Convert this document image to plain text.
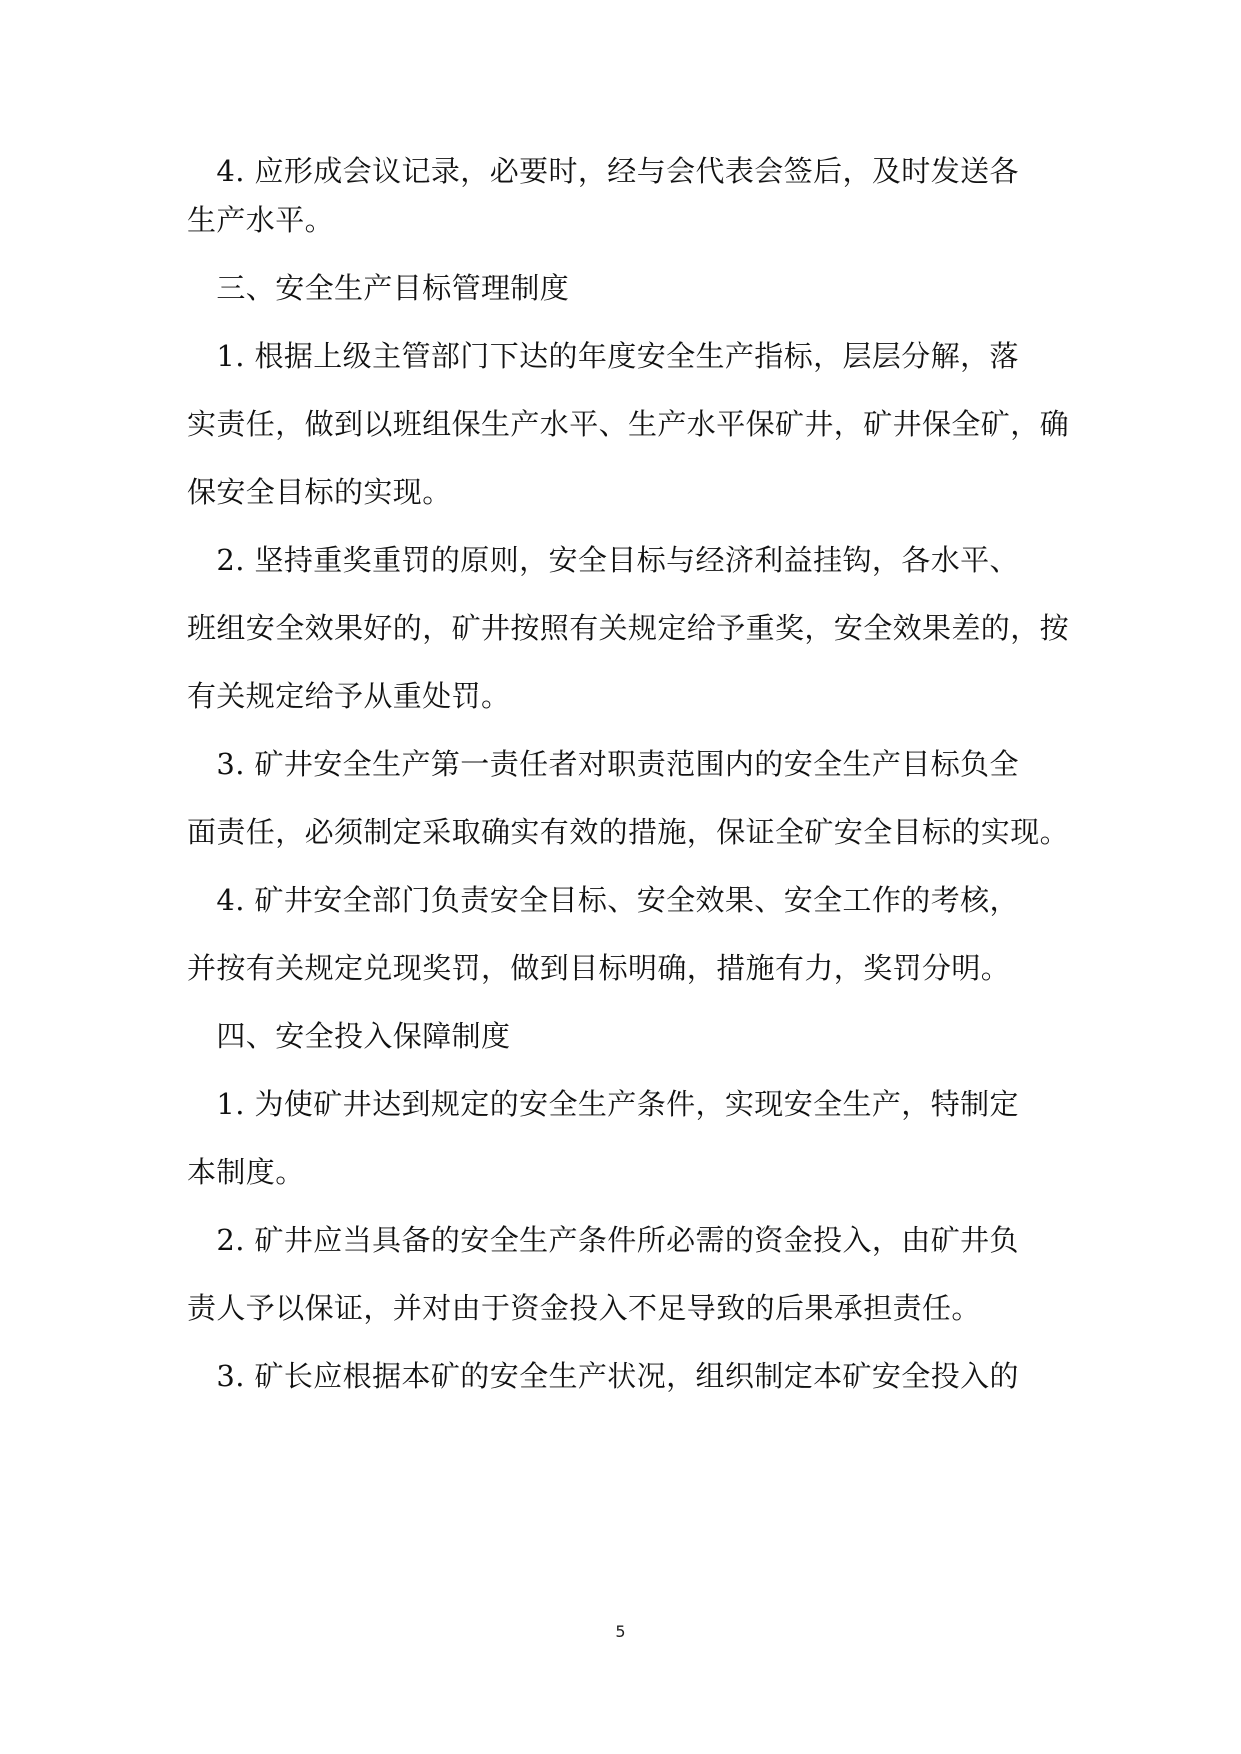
　4. 应形成会议记录，必要时，经与会代表会签后，及时发送各
生产水平。
　三、安全生产目标管理制度
　1. 根据上级主管部门下达的年度安全生产指标，层层分解，落
实责任，做到以班组保生产水平、生产水平保矿井，矿井保全矿，确
保安全目标的实现。
　2. 坚持重奖重罚的原则，安全目标与经济利益挂钩，各水平、
班组安全效果好的，矿井按照有关规定给予重奖，安全效果差的，按
有关规定给予从重处罚。
　3. 矿井安全生产第一责任者对职责范围内的安全生产目标负全
面责任，必须制定采取确实有效的措施，保证全矿安全目标的实现。
　4. 矿井安全部门负责安全目标、安全效果、安全工作的考核，
并按有关规定兑现奖罚，做到目标明确，措施有力，奖罚分明。
　四、安全投入保障制度
　1. 为使矿井达到规定的安全生产条件，实现安全生产，特制定
本制度。
　2. 矿井应当具备的安全生产条件所必需的资金投入，由矿井负
责人予以保证，并对由于资金投入不足导致的后果承担责任。
　3. 矿长应根据本矿的安全生产状况，组织制定本矿安全投入的
5
